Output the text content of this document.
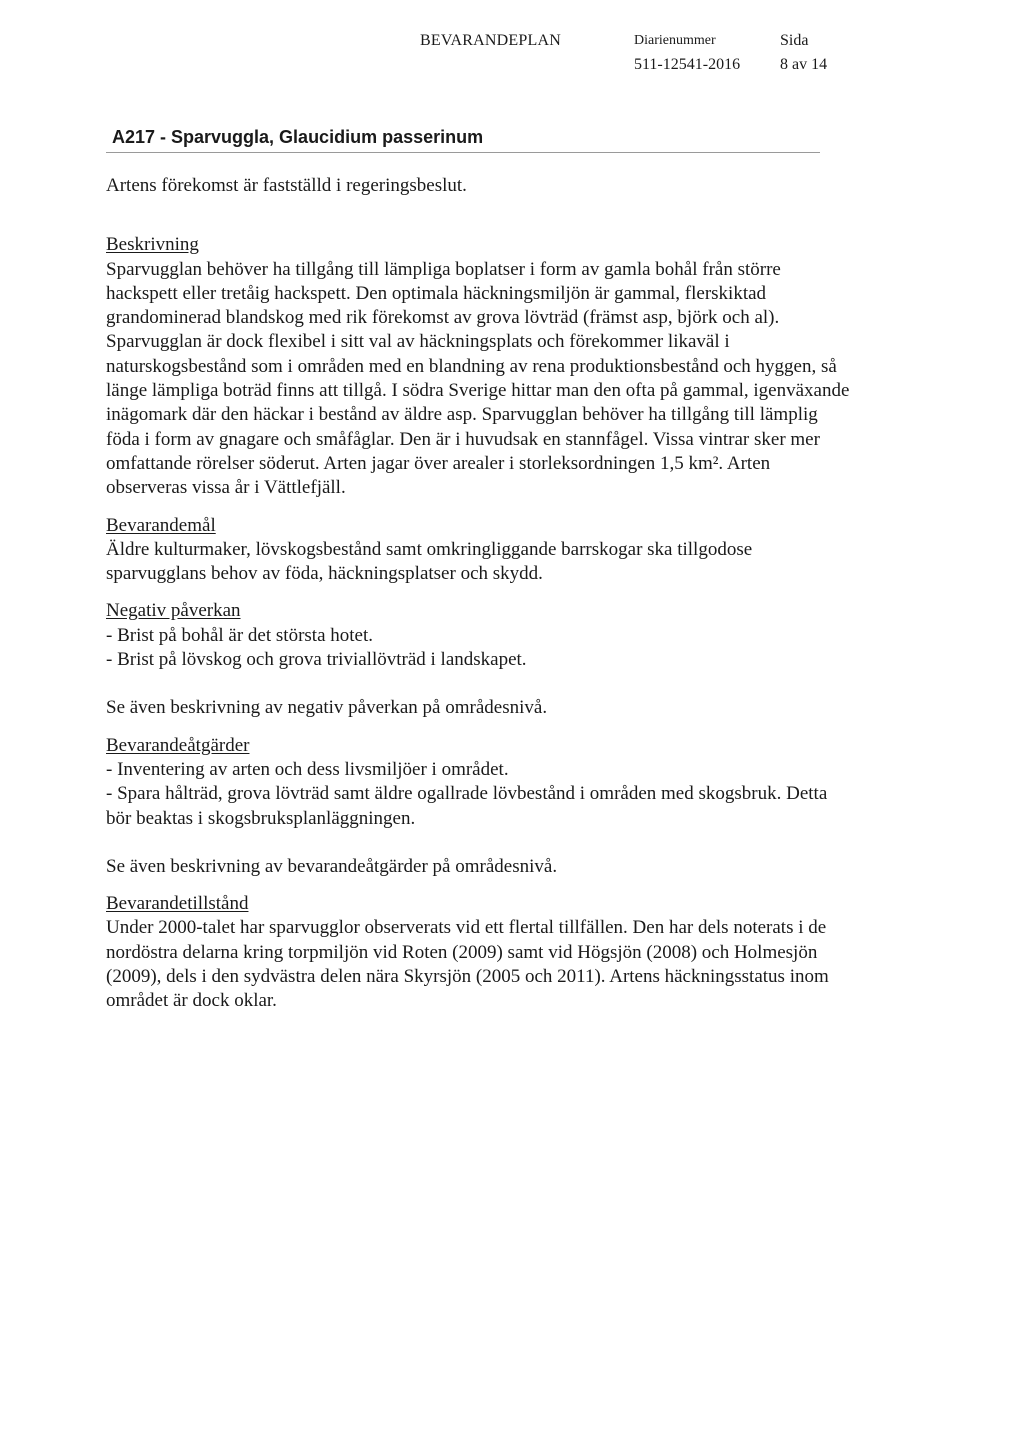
BEVARANDEPLAN	Diarienummer
511-12541-2016
Sida
8 av 14
A217 - Sparvuggla, Glaucidium passerinum

Artens förekomst är fastställd i regeringsbeslut.

Beskrivning

Sparvugglan behöver ha tillgång till lämpliga boplatser i form av gamla bohål från större hackspett eller tretåig hackspett. Den optimala häckningsmiljön är gammal, flerskiktad grandominerad blandskog med rik förekomst av grova lövträd (främst asp, björk och al). Sparvugglan är dock flexibel i sitt val av häckningsplats och förekommer likaväl i naturskogsbestånd som i områden med en blandning av rena produktionsbestånd och hyggen, så länge lämpliga boträd finns att tillgå. I södra Sverige hittar man den ofta på gammal, igenväxande inägomark där den häckar i bestånd av äldre asp. Sparvugglan behöver ha tillgång till lämplig föda i form av gnagare och småfåglar. Den är i huvudsak en stannfågel. Vissa vintrar sker mer omfattande rörelser söderut. Arten jagar över arealer i storleksordningen 1,5 km². Arten observeras vissa år i Vättlefjäll.

Bevarandemål

Äldre kulturmaker, lövskogsbestånd samt omkringliggande barrskogar ska tillgodose sparvugglans behov av föda, häckningsplatser och skydd.

Negativ påverkan

- Brist på bohål är det största hotet.

- Brist på lövskog och grova triviallövträd i landskapet.

Se även beskrivning av negativ påverkan på områdesnivå.

Bevarandeåtgärder

- Inventering av arten och dess livsmiljöer i området.

- Spara hålträd, grova lövträd samt äldre ogallrade lövbestånd i områden med skogsbruk. Detta bör beaktas i skogsbruksplanläggningen.

Se även beskrivning av bevarandeåtgärder på områdesnivå.

Bevarandetillstånd

Under 2000-talet har sparvugglor observerats vid ett flertal tillfällen. Den har dels noterats i de nordöstra delarna kring torpmiljön vid Roten (2009) samt vid Högsjön (2008) och Holmesjön (2009), dels i den sydvästra delen nära Skyrsjön (2005 och 2011). Artens häckningsstatus inom området är dock oklar.
